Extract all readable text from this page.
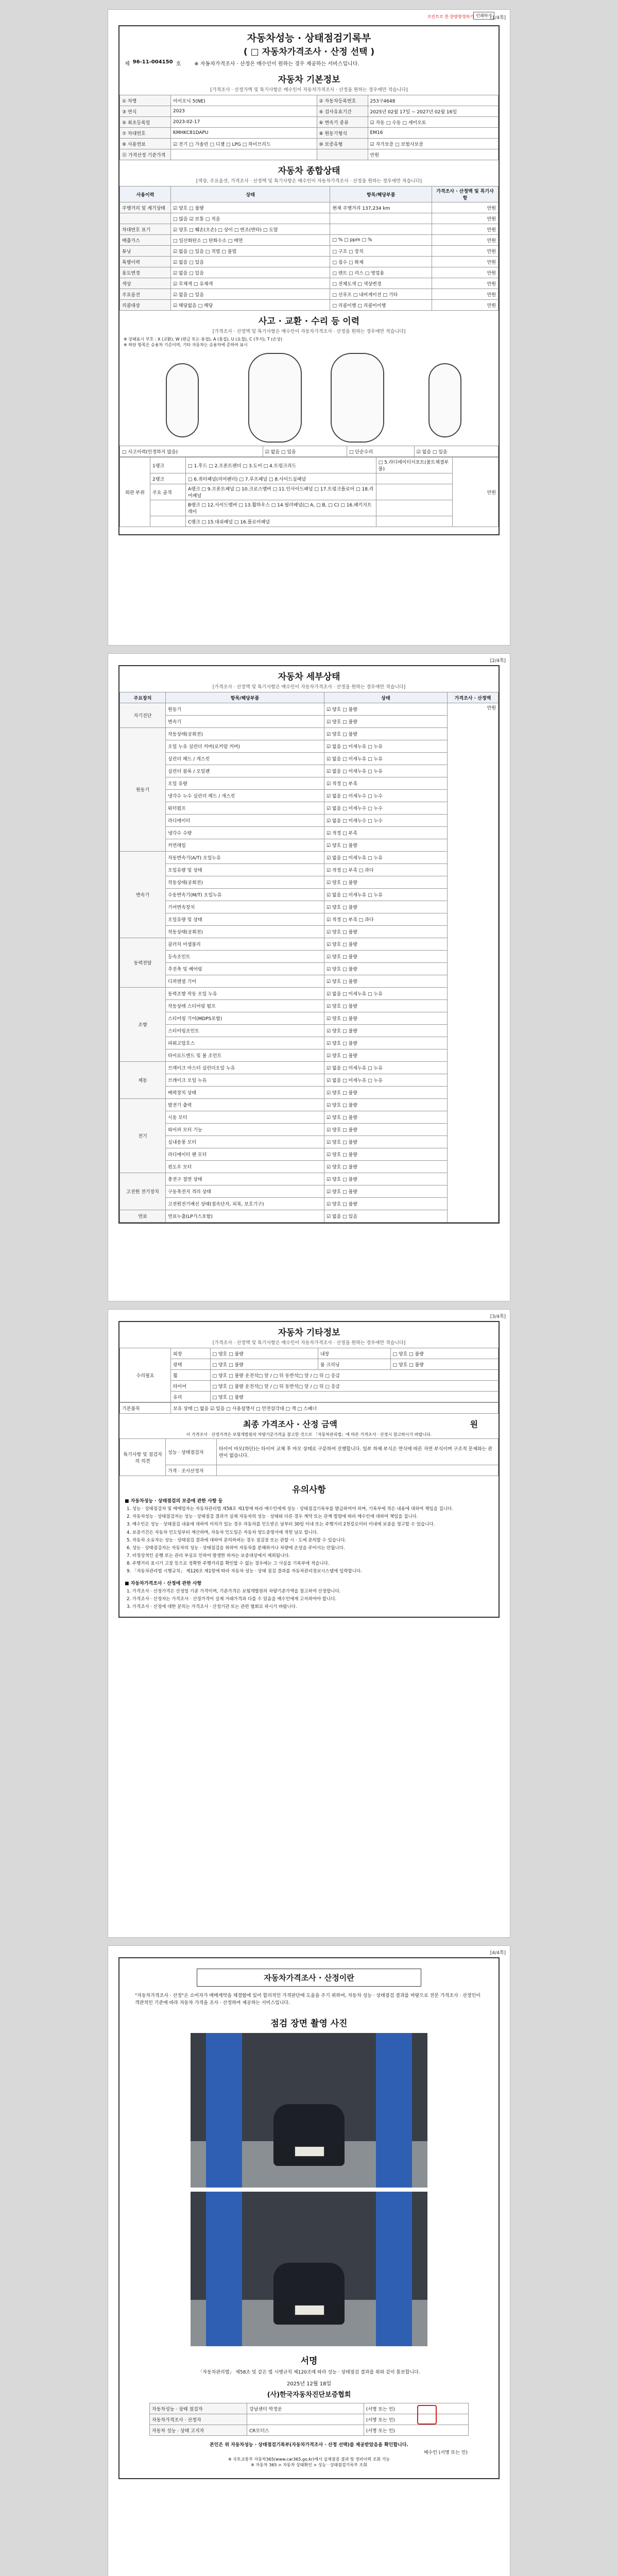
프린트로 한 한방향정하기 인쇄하기
[1/4쪽]
자동차성능 · 상태점검기록부
( □ 자동차가격조사 · 산정 선택 )
제 96-11-004150 호	※ 자동차가격조사 · 산정은 매수인이 원하는 경우 제공하는 서비스입니다.
자동차 기본정보
[가격조사 · 산정가액 및 특기사항은 매수인이 자동차가격조사 · 산정을 원하는 경우에만 적습니다]
① 차명	아이오닉 5(NE)	② 자동차등록번호	253구4648
③ 연식	2023	④ 검사유효기간	2025년 02월 17일 ~ 2027년 02월 16일
⑤ 최초등록일	2023-02-17	⑥ 변속기 종류	☑ 자동 □ 수동 □ 세미오토
⑦ 차대번호	KMHKC81DAPU	⑧ 원동기형식	EM16
⑨ 사용연료	☑ 전기 □ 가솔린 □ 디젤 □ LPG □ 하이브리드	⑩ 보증유형	☑ 자가보증 □ 보험사보증
⑪ 가격산정 기준가격			만원
자동차 종합상태
[색상, 주요옵션, 가격조사 · 산정액 및 특기사항은 매수인이 자동차가격조사 · 산정을 원하는 경우에만 적습니다]
사용이력	상태	항목/해당부품	가격조사 · 산정액 및 특기사항
주행거리 및 계기상태	☑ 양호 □ 불량	현재 주행거리 137,234 km	만원
	□ 많음 ☑ 보통 □ 적음		만원
차대번호 표기	☑ 양호 □ 훼손(오손) □ 상이 □ 변조(변타) □ 도말		만원
배출가스	□ 일산화탄소 □ 탄화수소 □ 매연	□ % □ ppm □ %	만원
튜닝	☑ 없음 □ 있음 □ 적법 □ 불법	□ 구조 □ 장치	만원
특별이력	☑ 없음 □ 있음	□ 침수 □ 화재	만원
용도변경	☑ 없음 □ 있음	□ 렌트 □ 리스 □ 영업용	만원
색상	☑ 무채색 □ 유채색	□ 전체도색 □ 색상변경	만원
주요옵션	☑ 없음 □ 있음	□ 선루프 □ 내비게이션 □ 기타	만원
리콜대상	☑ 해당없음 □ 해당	□ 리콜이행 □ 리콜미이행	만원
사고 · 교환 · 수리 등 이력
[가격조사 · 산정액 및 특기사항은 매수인이 자동차가격조사 · 산정을 원하는 경우에만 적습니다]
※ 상태표시 부호 : X (교환), W (판금 또는 용접), A (흠집), U (요철), C (부식), T (손상)
※ 하단 항목은 승용차 기준이며, 기타 자동차는 승용차에 준하여 표시
□ 사고이력(인정하지 않음)	☑ 없음 □ 있음	□ 단순수리	☑ 없음 □ 있음
외판 부위	1랭크	□ 1.후드 □ 2.프론트펜더 □ 3.도어 □ 4.트렁크리드	□ 5.라디에이터서포트(볼트체결부품)	만원
	2랭크	□ 6.쿼터패널(리어펜더) □ 7.루프패널 □ 8.사이드실패널		
	주요 골격	A랭크 □ 9.프론트패널 □ 10.크로스멤버 □ 11.인사이드패널 □ 17.트렁크플로어 □ 18.리어패널		
		B랭크 □ 12.사이드멤버 □ 13.휠하우스 □ 14.필러패널(□ A, □ B, □ C) □ 16.패키지트레이		
		C랭크 □ 15.대쉬패널 □ 16.플로어패널		
[2/4쪽]
자동차 세부상태
[가격조사 · 산정액 및 특기사항은 매수인이 자동차가격조사 · 산정을 원하는 경우에만 적습니다]
주요장치	항목/해당부품	상태	가격조사 · 산정액
자기진단	원동기	☑ 양호 □ 불량	만원
	변속기	☑ 양호 □ 불량	
원동기	작동상태(공회전)	☑ 양호 □ 불량	
	오일 누유 실린더 커버(로커암 커버)	☑ 없음 □ 미세누유 □ 누유	
	실린더 헤드 / 개스킷	☑ 없음 □ 미세누유 □ 누유	
	실린더 블록 / 오일팬	☑ 없음 □ 미세누유 □ 누유	
	오일 유량	☑ 적정 □ 부족	
	냉각수 누수 실린더 헤드 / 개스킷	☑ 없음 □ 미세누수 □ 누수	
	워터펌프	☑ 없음 □ 미세누수 □ 누수	
	라디에이터	☑ 없음 □ 미세누수 □ 누수	
	냉각수 수량	☑ 적정 □ 부족	
	커먼레일	☑ 양호 □ 불량	
변속기	자동변속기(A/T) 오일누유	☑ 없음 □ 미세누유 □ 누유	
	오일유량 및 상태	☑ 적정 □ 부족 □ 과다	
	작동상태(공회전)	☑ 양호 □ 불량	
	수동변속기(M/T) 오일누유	☑ 없음 □ 미세누유 □ 누유	
	기어변속장치	☑ 양호 □ 불량	
	오일유량 및 상태	☑ 적정 □ 부족 □ 과다	
	작동상태(공회전)	☑ 양호 □ 불량	
동력전달	클러치 어셈블리	☑ 양호 □ 불량	
	등속조인트	☑ 양호 □ 불량	
	추진축 및 베어링	☑ 양호 □ 불량	
	디퍼렌셜 기어	☑ 양호 □ 불량	
조향	동력조향 작동 오일 누유	☑ 없음 □ 미세누유 □ 누유	
	작동상태 스티어링 펌프	☑ 양호 □ 불량	
	스티어링 기어(MDPS포함)	☑ 양호 □ 불량	
	스티어링조인트	☑ 양호 □ 불량	
	파워고압호스	☑ 양호 □ 불량	
	타이로드엔드 및 볼 조인트	☑ 양호 □ 불량	
제동	브레이크 마스터 실린더오일 누유	☑ 없음 □ 미세누유 □ 누유	
	브레이크 오일 누유	☑ 없음 □ 미세누유 □ 누유	
	배력장치 상태	☑ 양호 □ 불량	
전기	발전기 출력	☑ 양호 □ 불량	
	시동 모터	☑ 양호 □ 불량	
	와이퍼 모터 기능	☑ 양호 □ 불량	
	실내송풍 모터	☑ 양호 □ 불량	
	라디에이터 팬 모터	☑ 양호 □ 불량	
	윈도우 모터	☑ 양호 □ 불량	
고전원 전기장치	충전구 절연 상태	☑ 양호 □ 불량	
	구동축전지 격리 상태	☑ 양호 □ 불량	
	고전원전기배선 상태(접속단자, 피복, 보호기구)	☑ 양호 □ 불량	
연료	연료누출(LP가스포함)	☑ 없음 □ 있음	
[3/4쪽]
자동차 기타정보
[가격조사 · 산정액 및 특기사항은 매수인이 자동차가격조사 · 산정을 원하는 경우에만 적습니다]
수리필요	외장	□ 양호 □ 불량	내장	□ 양호 □ 불량
	광택	□ 양호 □ 불량	룸 크리닝	□ 양호 □ 불량
	휠	□ 양호 □ 불량 운전석□ 앞 / □ 뒤 동반석□ 앞 / □ 뒤 □ 응급		
	타이어	□ 양호 □ 불량 운전석□ 앞 / □ 뒤 동반석□ 앞 / □ 뒤 □ 응급		
	유리	□ 양호 □ 불량		
기본품목	보유 상태 □ 없음 ☑ 있음 □ 사용설명서 □ 안전삼각대 □ 잭 □ 스패너
최종 가격조사 · 산정 금액	원
이 가격조사 · 산정가격은 보험개발원의 차량기준가격을 참고한 것으로 「자동차관리법」에 따른 가격조사 · 산정시 참고하시기 바랍니다.
특기사항 및 점검자의 의견	성능 · 상태점검자	타이어 마모(하단)는 타이어 교체 후 마모 상태로 구분하여 진행합니다. 일부 하체 부식은 연식에 따른 자연 부식이며 구조적 문제와는 관련이 없습니다.
	가격 · 조사산정자	
유의사항
■ 자동차성능 · 상태점검의 보증에 관한 사항 등
1. 성능 · 상태점검자 및 매매업자는 자동차관리법 제58조 제1항에 따라 매수인에게 성능 · 상태점검기록부를 발급하여야 하며, 기록부에 적은 내용에 대하여 책임을 집니다.
2. 자동차성능 · 상태점검자는 성능 · 상태점검 결과가 실제 자동차의 성능 · 상태와 다른 경우 계약 또는 관계 법령에 따라 매수인에 대하여 책임을 집니다.
3. 매수인은 성능 · 상태점검 내용에 대하여 이의가 있는 경우 자동차를 인도받은 날부터 30일 이내 또는 주행거리 2천킬로미터 이내에 보증을 청구할 수 있습니다.
4. 보증기간은 자동차 인도일부터 계산하며, 자동차 인도일은 자동차 양도증명서에 적힌 날로 합니다.
5. 자동차 소유자는 성능 · 상태점검 결과에 대하여 문의하려는 경우 점검장 또는 관할 시 · 도에 문의할 수 있습니다.
6. 성능 · 상태점검자는 자동차의 성능 · 상태점검을 위하여 자동차를 분해하거나 차량에 손상을 주어서는 안됩니다.
7. 비정상적인 운행 또는 관리 부실로 인하여 발생한 하자는 보증대상에서 제외됩니다.
8. 주행거리 표시기 고장 등으로 정확한 주행거리를 확인할 수 없는 경우에는 그 사실을 기록부에 적습니다.
9. 「자동차관리법 시행규칙」 제120조 제1항에 따라 자동차 성능 · 상태 점검 결과를 자동차관리정보시스템에 입력합니다.
■ 자동차가격조사 · 산정에 관한 사항
1. 가격조사 · 산정가격은 산정일 기준 가격이며, 기준가격은 보험개발원의 차량기준가액을 참고하여 산정합니다.
2. 가격조사 · 산정자는 가격조사 · 산정가격이 실제 거래가격과 다를 수 있음을 매수인에게 고지하여야 합니다.
3. 가격조사 · 산정에 대한 문의는 가격조사 · 산정기관 또는 관련 협회로 하시기 바랍니다.
[4/4쪽]
자동차가격조사 · 산정이란
"자동차가격조사 · 산정"은 소비자가 매매계약을 체결함에 있어 합리적인 가격판단에 도움을 주기 위하여, 자동차 성능 · 상태점검 결과를 바탕으로 전문 가격조사 · 산정인이 객관적인 기준에 따라 자동차 가격을 조사 · 산정하여 제공하는 서비스입니다.
점검 장면 촬영 사진
서명
「자동차관리법」 제58조 및 같은 법 시행규칙 제120조에 따라 성능 · 상태점검 결과를 위와 같이 통보합니다.
2025년 12월 18일
(사)한국자동차진단보증협회
자동차성능 · 상태 점검자	강남센터 박정운	(서명 또는 인)
자동차가격조사 · 산정자		(서명 또는 인)
자동차 성능 · 상태 고지자	CR모터스	(서명 또는 인)
본인은 위 자동차성능 · 상태점검기록부(자동차가격조사 · 산정 선택)를 제공받았음을 확인합니다.
매수인 (서명 또는 인)
※ 국토교통부 자동차365(www.car365.go.kr)에서 실제점검 결과 및 정비이력 조회 가능
※ 자동차 365 > 자동차 상태확인 > 성능 · 상태점검기록부 조회
